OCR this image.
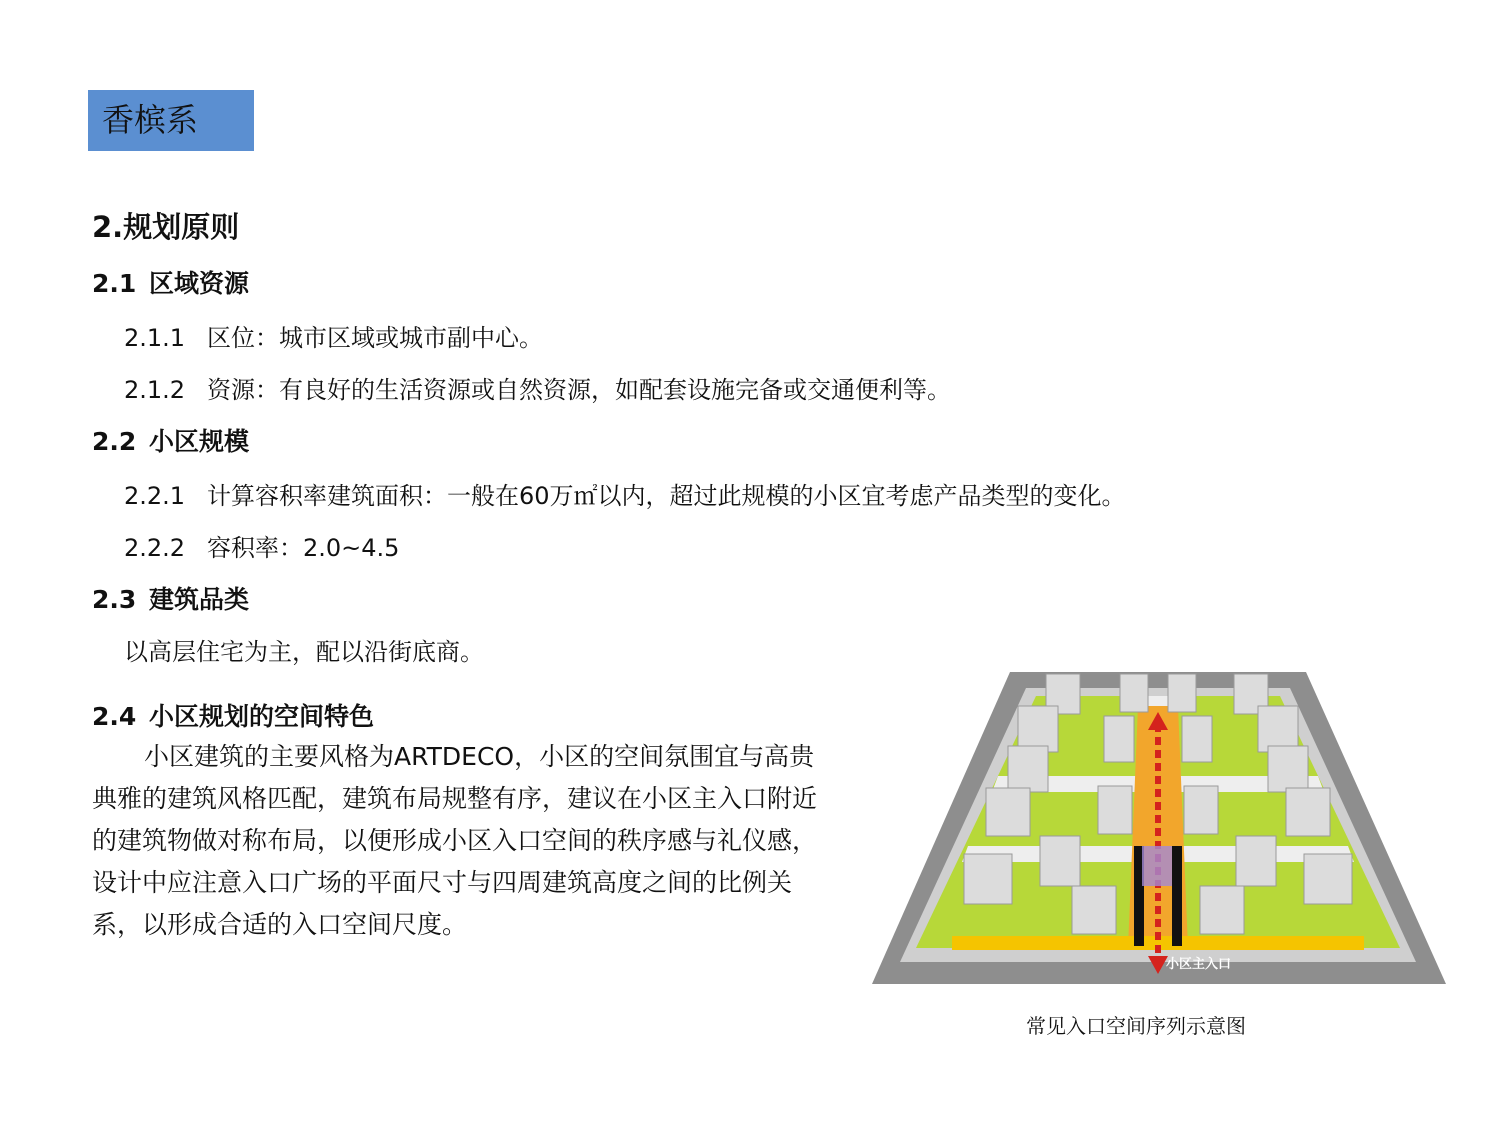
香槟系
2.规划原则
2.1 区域资源
2.1.1 区位：城市区域或城市副中心。
2.1.2 资源：有良好的生活资源或自然资源，如配套设施完备或交通便利等。
2.2 小区规模
2.2.1 计算容积率建筑面积：一般在60万㎡以内，超过此规模的小区宜考虑产品类型的变化。
2.2.2 容积率：2.0~4.5
2.3 建筑品类
以高层住宅为主，配以沿街底商。
2.4 小区规划的空间特色

小区建筑的主要风格为ARTDECO，小区的空间氛围宜与高贵典雅的建筑风格匹配，建筑布局规整有序，建议在小区主入口附近的建筑物做对称布局，以便形成小区入口空间的秩序感与礼仪感，设计中应注意入口广场的平面尺寸与四周建筑高度之间的比例关系，以形成合适的入口空间尺度。

小区主入口
常见入口空间序列示意图
